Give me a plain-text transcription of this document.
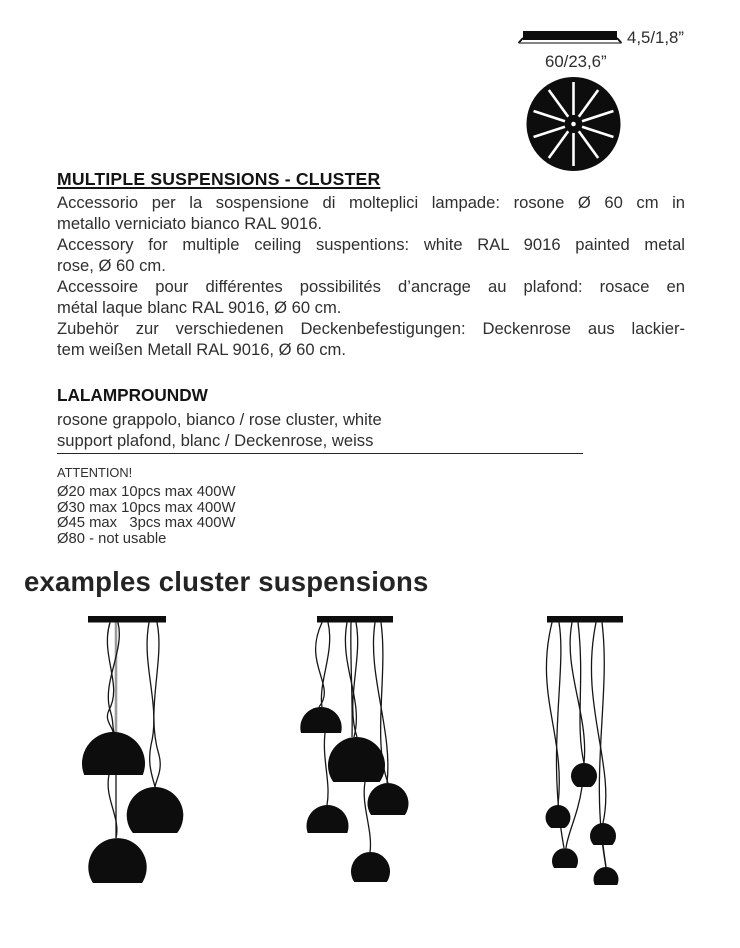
4,5/1,8”
60/23,6”
MULTIPLE SUSPENSIONS - CLUSTER
Accessorio per la sospensione di molteplici lampade: rosone Ø 60 cm in
metallo verniciato bianco RAL 9016.
Accessory for multiple ceiling suspentions: white RAL 9016 painted metal
rose, Ø 60 cm.
Accessoire pour différentes possibilités d’ancrage au plafond: rosace en
métal laque blanc RAL 9016, Ø 60 cm.
Zubehör zur verschiedenen Deckenbefestigungen: Deckenrose aus lackier-
tem weißen Metall RAL 9016, Ø 60 cm.
LALAMPROUNDW
rosone grappolo, bianco / rose cluster, white
support plafond, blanc / Deckenrose, weiss
ATTENTION!
Ø20 max 10pcs max 400W
Ø30 max 10pcs max 400W
Ø45 max   3pcs max 400W
Ø80 - not usable
examples cluster suspensions
